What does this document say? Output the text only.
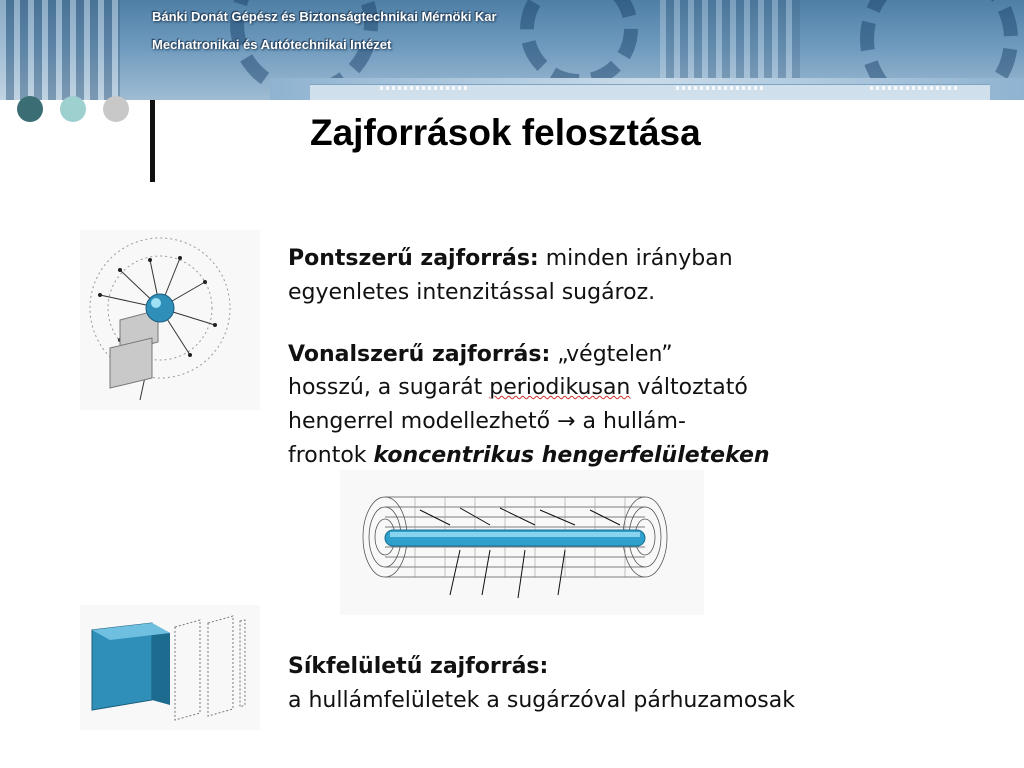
Bánki Donát Gépész és Biztonságtechnikai Mérnöki Kar
Mechatronikai és Autótechnikai Intézet
Zajforrások felosztása
Pontszerű zajforrás: minden irányban
egyenletes intenzitással sugároz.
Vonalszerű zajforrás: „végtelen”
hosszú, a sugarát periodikusan változtató
hengerrel modellezhető → a hullám-
frontok koncentrikus hengerfelületeken
Síkfelületű zajforrás:
a hullámfelületek a sugárzóval párhuzamosak
